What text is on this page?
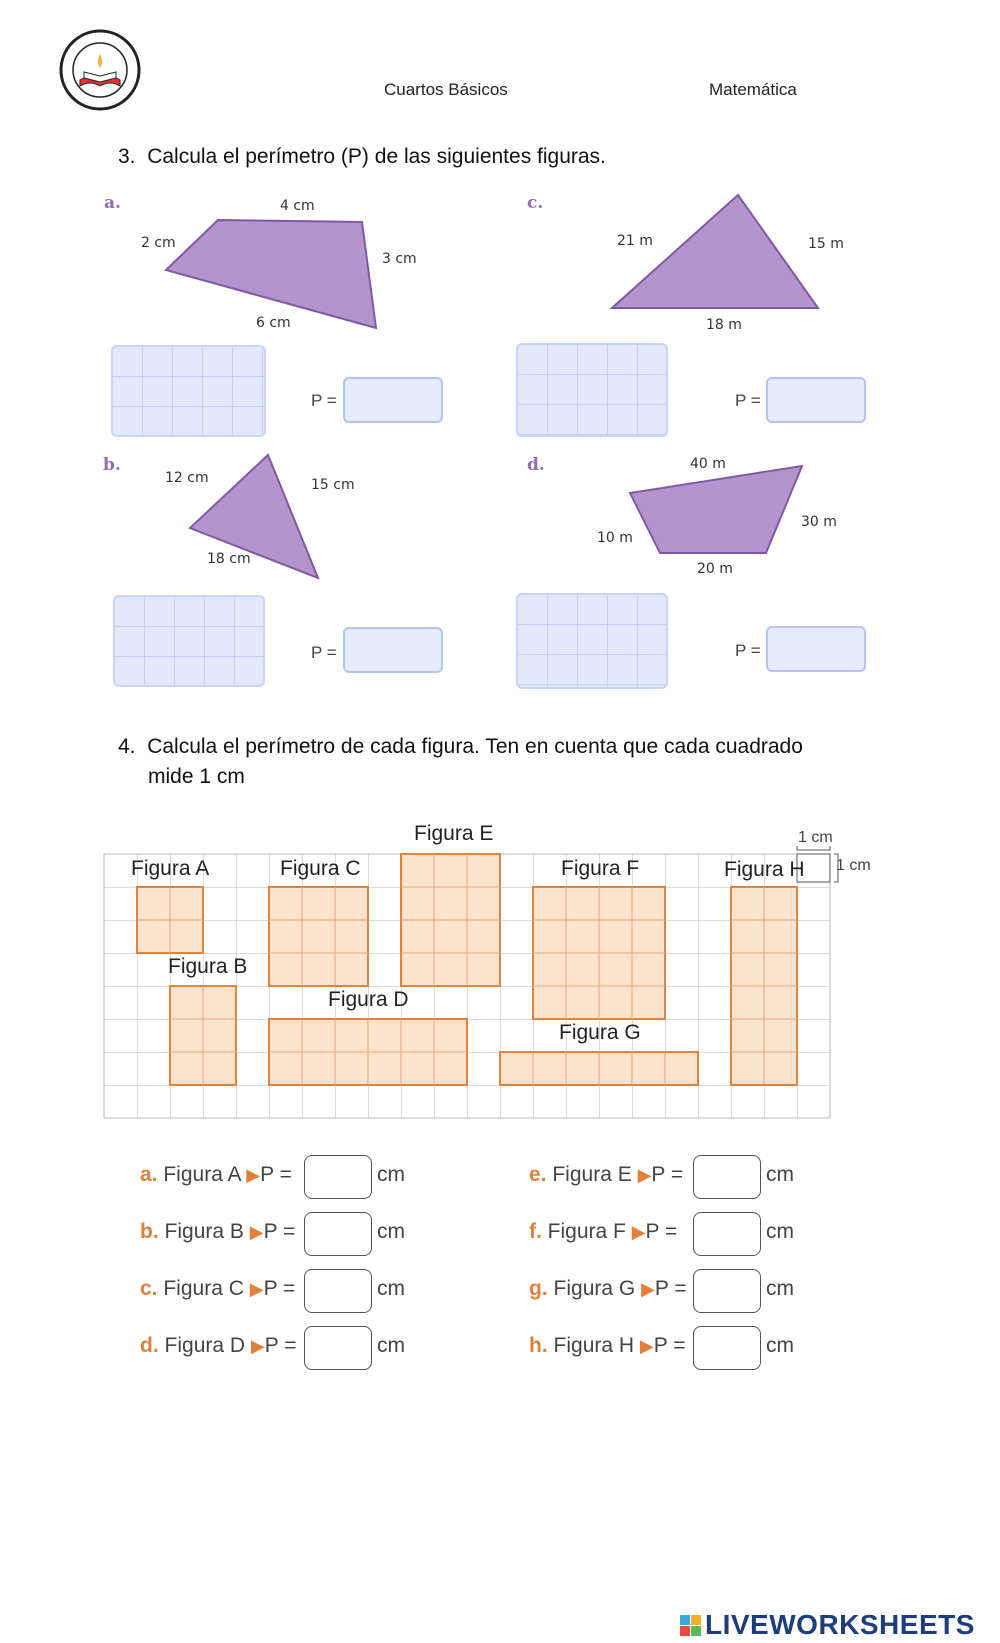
Cuartos Básicos	Matemática
3. Calcula el perímetro (P) de las siguientes figuras.
a.	4 cm
2 cm
3 cm
6 cm
P =
c.
21 m	15 m
18 m
P =
b.
12 cm	15 cm
18 cm
P =
d.	40 m
10 m
30 m
20 m
P =
4. Calcula el perímetro de cada figura. Ten en cuenta que cada cuadrado
mide 1 cm
1 cm
1 cm
Figura A
Figura B
Figura C
Figura D
Figura E
Figura F
Figura G
Figura H
a. Figura A ▶P =	cm
b. Figura B ▶P =	cm
c. Figura C ▶P =	cm
d. Figura D ▶P =	cm
e. Figura E ▶P =	cm
f. Figura F ▶P =	cm
g. Figura G ▶P =	cm
h. Figura H ▶P =	cm
LIVEWORKSHEETS
